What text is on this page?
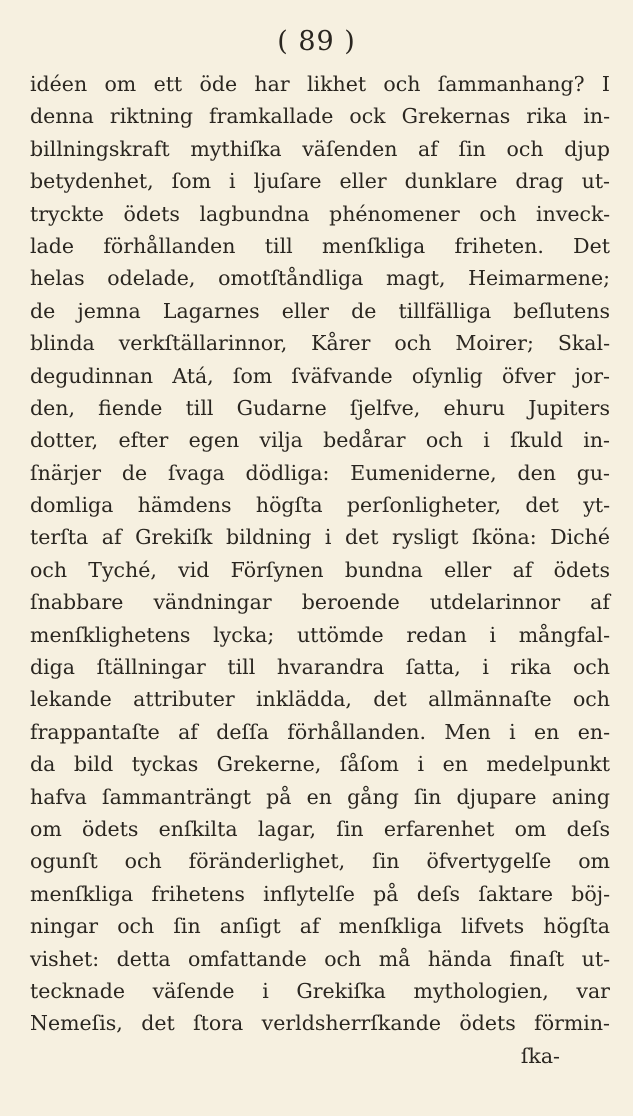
( 89 )
idéen om ett öde har likhet och ſammanhang? I
denna riktning framkallade ock Grekernas rika in-
billningskraft mythiſka väſenden af ſin och djup
betydenhet, ſom i ljuſare eller dunklare drag ut-
tryckte ödets lagbundna phénomener och inveck-
lade förhållanden till menſkliga friheten. Det
helas odelade, omotſtåndliga magt, Heimarmene;
de jemna Lagarnes eller de tillfälliga beſlutens
blinda verkſtällarinnor, Kårer och Moirer; Skal-
degudinnan Atá, ſom ſväfvande oſynlig öfver jor-
den, fiende till Gudarne ſjelfve, ehuru Jupiters
dotter, efter egen vilja bedårar och i ſkuld in-
ſnärjer de ſvaga dödliga: Eumeniderne, den gu-
domliga hämdens högſta perſonligheter, det yt-
terſta af Grekiſk bildning i det rysligt ſköna: Diché
och Tyché, vid Förſynen bundna eller af ödets
ſnabbare vändningar beroende utdelarinnor af
menſklighetens lycka; uttömde redan i mångfal-
diga ſtällningar till hvarandra ſatta, i rika och
lekande attributer inklädda, det allmännaſte och
frappantaſte af deſſa förhållanden. Men i en en-
da bild tyckas Grekerne, ſåſom i en medelpunkt
hafva ſammanträngt på en gång ſin djupare aning
om ödets enſkilta lagar, ſin erfarenhet om deſs
ogunſt och föränderlighet, ſin öfvertygelſe om
menſkliga frihetens inflytelſe på deſs ſaktare böj-
ningar och ſin anſigt af menſkliga lifvets högſta
vishet: detta omfattande och må hända finaſt ut-
tecknade väſende i Grekiſka mythologien, var
Nemeſis, det ſtora verldsherrſkande ödets förmin-
ſka-
